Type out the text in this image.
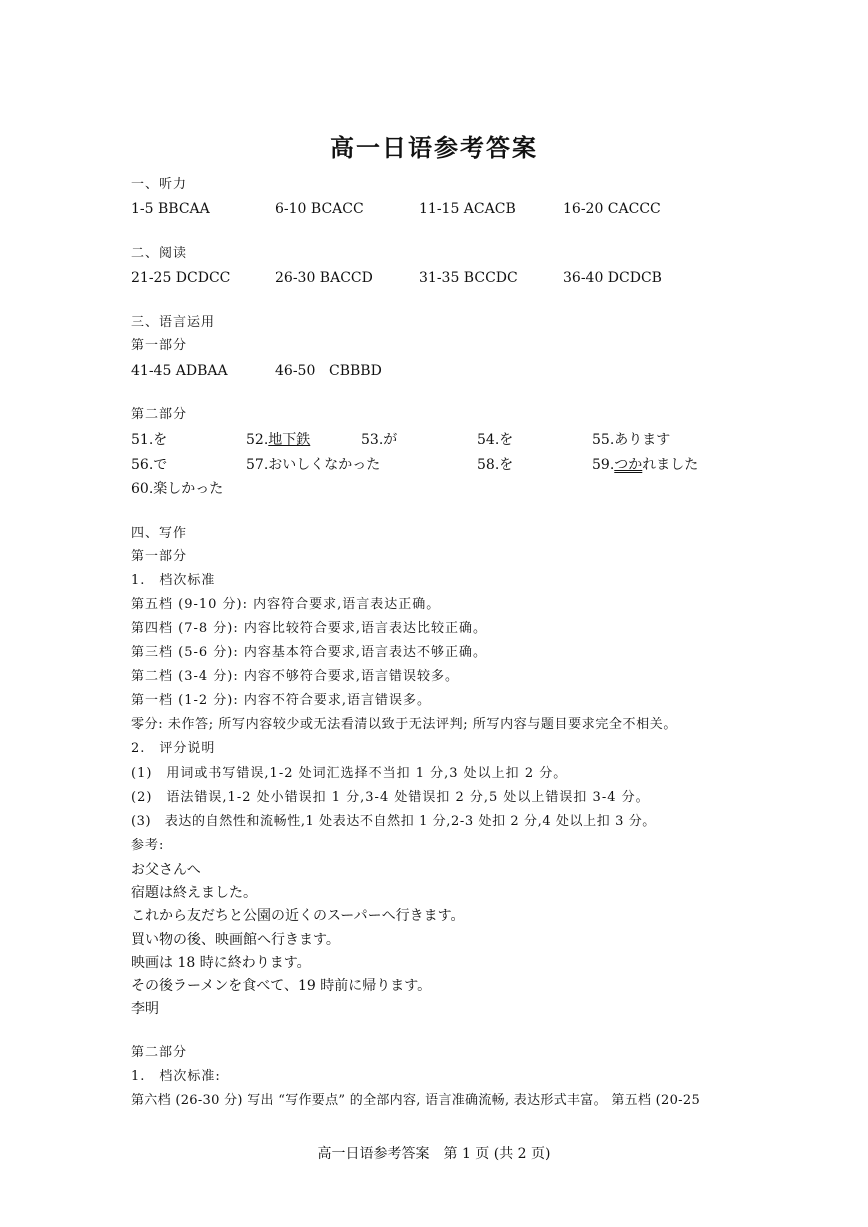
高一日语参考答案
一、听力
1-5 BBCAA	6-10 BCACC	11-15 ACACB	16-20 CACCC
二、阅读
21-25 DCDCC	26-30 BACCD	31-35 BCCDC	36-40 DCDCB
三、语言运用
第一部分
41-45 ADBAA	46-50 CBBBD
第二部分
51.を	52.地下鉄	53.が	54.を	55.あります
56.で	57.おいしくなかった	58.を	59.つかれました
60.楽しかった
四、写作
第一部分
1.　档次标准
第五档 (9-10 分): 内容符合要求,语言表达正确。
第四档 (7-8 分): 内容比较符合要求,语言表达比较正确。
第三档 (5-6 分): 内容基本符合要求,语言表达不够正确。
第二档 (3-4 分): 内容不够符合要求,语言错误较多。
第一档 (1-2 分): 内容不符合要求,语言错误多。
零分: 未作答; 所写内容较少或无法看清以致于无法评判; 所写内容与题目要求完全不相关。
2.　评分说明
(1)　用词或书写错误,1-2 处词汇选择不当扣 1 分,3 处以上扣 2 分。
(2)　语法错误,1-2 处小错误扣 1 分,3-4 处错误扣 2 分,5 处以上错误扣 3-4 分。
(3)　表达的自然性和流畅性,1 处表达不自然扣 1 分,2-3 处扣 2 分,4 处以上扣 3 分。
参考:
お父さんへ
宿題は終えました。
これから友だちと公園の近くのスーパーへ行きます。
買い物の後、映画館へ行きます。
映画は 18 時に終わります。
その後ラーメンを食べて、19 時前に帰ります。
李明
第二部分
1.　档次标准:
第六档 (26-30 分) 写出 “写作要点” 的全部内容, 语言准确流畅, 表达形式丰富。 第五档 (20-25
高一日语参考答案　第 1 页 (共 2 页)
